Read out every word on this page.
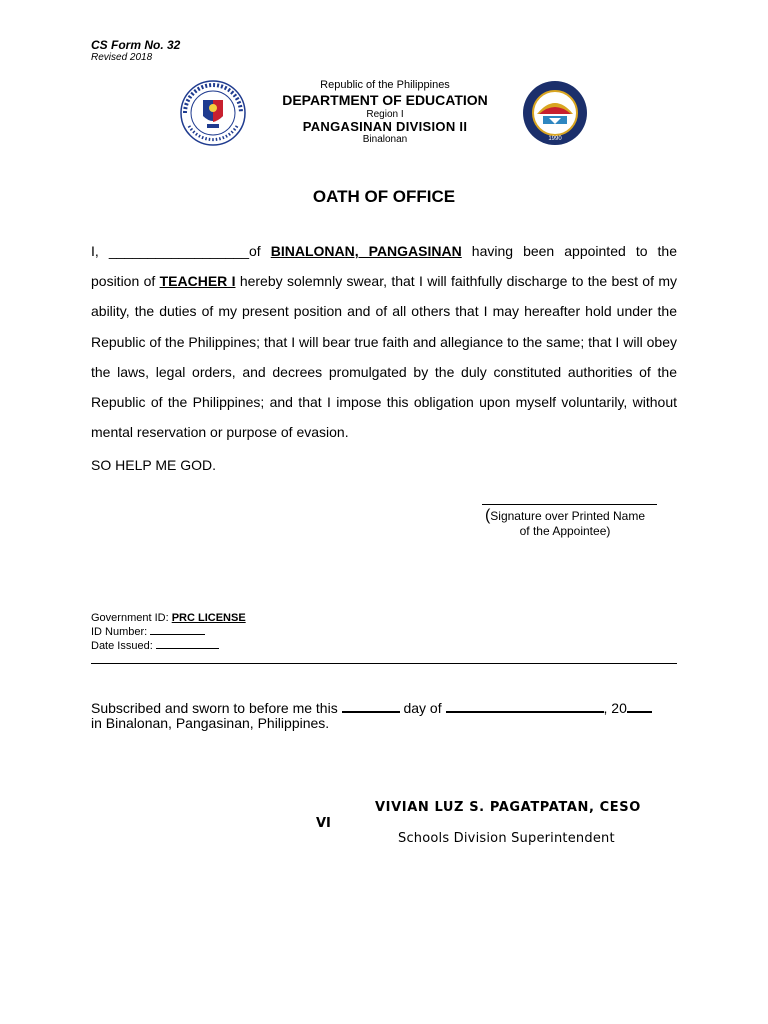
CS Form No. 32
Revised 2018
Republic of the Philippines
DEPARTMENT OF EDUCATION
Region I
PANGASINAN DIVISION II
Binalonan	1990
OATH OF OFFICE
I, __________________of BINALONAN, PANGASINAN having been appointed to the position of TEACHER I hereby solemnly swear, that I will faithfully discharge to the best of my ability, the duties of my present position and of all others that I may hereafter hold under the Republic of the Philippines; that I will bear true faith and allegiance to the same; that I will obey the laws, legal orders, and decrees promulgated by the duly constituted authorities of the Republic of the Philippines; and that I impose this obligation upon myself voluntarily, without mental reservation or purpose of evasion.
SO HELP ME GOD.
(Signature over Printed Name
of the Appointee)
Government ID: PRC LICENSE
ID Number:
Date Issued:
Subscribed and sworn to before me this	day of	, 20
in Binalonan, Pangasinan, Philippines.
VIVIAN LUZ S. PAGATPATAN, CESO
VI
Schools Division Superintendent
